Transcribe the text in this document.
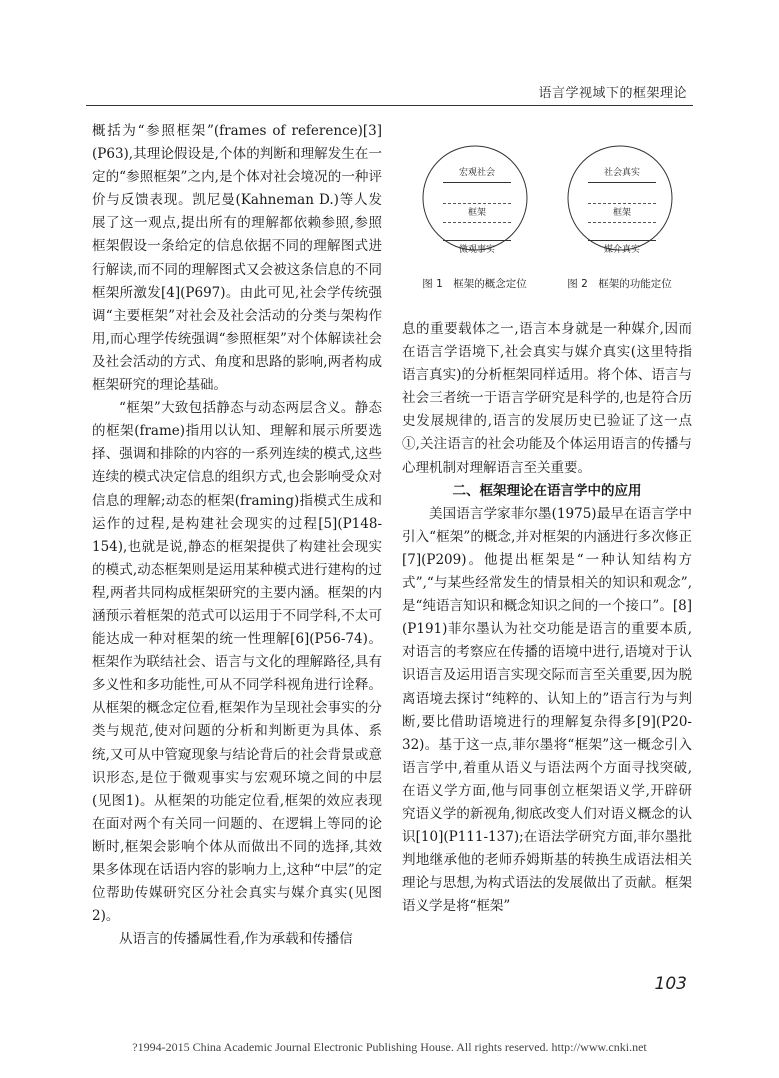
语言学视域下的框架理论

概括为“参照框架”(frames of reference)[3](P63),其理论假设是,个体的判断和理解发生在一定的“参照框架”之内,是个体对社会境况的一种评价与反馈表现。凯尼曼(Kahneman D.)等人发展了这一观点,提出所有的理解都依赖参照,参照框架假设一条给定的信息依据不同的理解图式进行解读,而不同的理解图式又会被这条信息的不同框架所激发[4](P697)。由此可见,社会学传统强调“主要框架”对社会及社会活动的分类与架构作用,而心理学传统强调“参照框架”对个体解读社会及社会活动的方式、角度和思路的影响,两者构成框架研究的理论基础。

“框架”大致包括静态与动态两层含义。静态的框架(frame)指用以认知、理解和展示所要选择、强调和排除的内容的一系列连续的模式,这些连续的模式决定信息的组织方式,也会影响受众对信息的理解;动态的框架(framing)指模式生成和运作的过程,是构建社会现实的过程[5](P148-154),也就是说,静态的框架提供了构建社会现实的模式,动态框架则是运用某种模式进行建构的过程,两者共同构成框架研究的主要内涵。框架的内涵预示着框架的范式可以运用于不同学科,不太可能达成一种对框架的统一性理解[6](P56-74)。框架作为联结社会、语言与文化的理解路径,具有多义性和多功能性,可从不同学科视角进行诠释。从框架的概念定位看,框架作为呈现社会事实的分类与规范,使对问题的分析和判断更为具体、系统,又可从中管窥现象与结论背后的社会背景或意识形态,是位于微观事实与宏观环境之间的中层(见图1)。从框架的功能定位看,框架的效应表现在面对两个有关同一问题的、在逻辑上等同的论断时,框架会影响个体从而做出不同的选择,其效果多体现在话语内容的影响力上,这种“中层”的定位帮助传媒研究区分社会真实与媒介真实(见图2)。

从语言的传播属性看,作为承载和传播信

宏观社会
框架
微观事实
图 1　框架的概念定位
社会真实
框架
媒介真实
图 2　框架的功能定位

息的重要载体之一,语言本身就是一种媒介,因而在语言学语境下,社会真实与媒介真实(这里特指语言真实)的分析框架同样适用。将个体、语言与社会三者统一于语言学研究是科学的,也是符合历史发展规律的,语言的发展历史已验证了这一点①,关注语言的社会功能及个体运用语言的传播与心理机制对理解语言至关重要。

二、框架理论在语言学中的应用

美国语言学家菲尔墨(1975)最早在语言学中引入“框架”的概念,并对框架的内涵进行多次修正[7](P209)。他提出框架是“一种认知结构方式”,“与某些经常发生的情景相关的知识和观念”,是“纯语言知识和概念知识之间的一个接口”。[8](P191)菲尔墨认为社交功能是语言的重要本质,对语言的考察应在传播的语境中进行,语境对于认识语言及运用语言实现交际而言至关重要,因为脱离语境去探讨“纯粹的、认知上的”语言行为与判断,要比借助语境进行的理解复杂得多[9](P20-32)。基于这一点,菲尔墨将“框架”这一概念引入语言学中,着重从语义与语法两个方面寻找突破,在语义学方面,他与同事创立框架语义学,开辟研究语义学的新视角,彻底改变人们对语义概念的认识[10](P111-137);在语法学研究方面,菲尔墨批判地继承他的老师乔姆斯基的转换生成语法相关理论与思想,为构式语法的发展做出了贡献。框架语义学是将“框架”

103
?1994-2015 China Academic Journal Electronic Publishing House. All rights reserved. http://www.cnki.net
